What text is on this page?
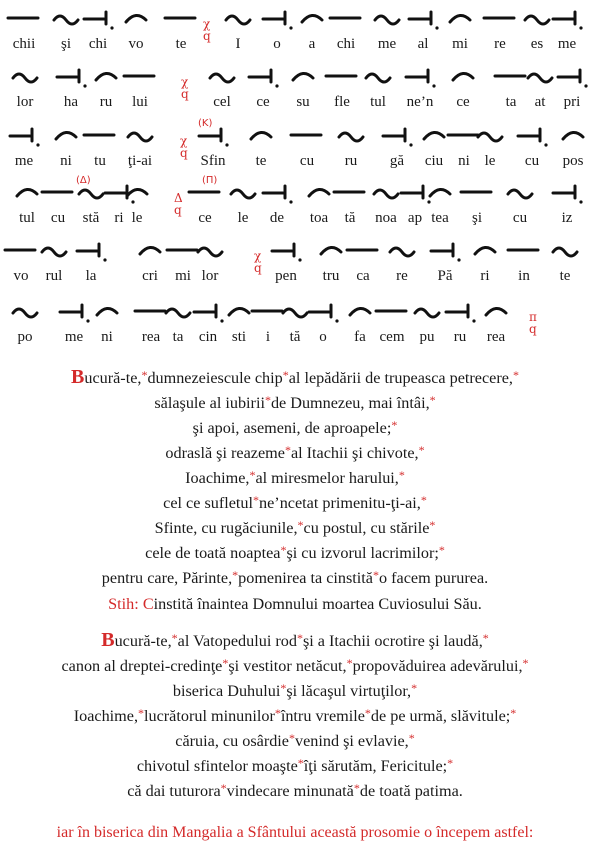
chii şi chi vo te	I o a chi me al mi re es me
χ
q
lor ha ru lui	cel ce su fle tul ne’n ce ta at pri
χ
q
me ni tu ţi-ai	Sfin te cu ru gă ciu ni le cu pos
χ
q
(K)
tul cu stă ri le	ce le de toa tă noa ap tea şi cu iz
Δ
q
(Δ)	(Π)
vo rul la	cri mi lor	pen tru ca re Pă ri in te
χ
q
po me ni rea ta cin sti i tă o fa cem pu ru rea
π
q
Bucură-te,*dumnezeiescule chip*al lepădării de trupeasca petrecere,*
sălaşule al iubirii*de Dumnezeu, mai întâi,*
şi apoi, asemeni, de aproapele;*
odraslă şi reazeme*al Itachii şi chivote,*
Ioachime,*al miresmelor harului,*
cel ce sufletul*ne’ncetat primenitu-ţi-ai,*
Sfinte, cu rugăciunile,*cu postul, cu stările*
cele de toată noaptea*şi cu izvorul lacrimilor;*
pentru care, Părinte,*pomenirea ta cinstită*o facem pururea.
Stih: Cinstită înaintea Domnului moartea Cuviosului Său.
Bucură-te,*al Vatopedului rod*şi a Itachii ocrotire şi laudă,*
canon al dreptei-credinţe*şi vestitor netăcut,*propovăduirea adevărului,*
biserica Duhului*şi lăcaşul virtuţilor,*
Ioachime,*lucrătorul minunilor*întru vremile*de pe urmă, slăvitule;*
căruia, cu osârdie*venind şi evlavie,*
chivotul sfintelor moaşte*îţi sărutăm, Fericitule;*
că dai tuturora*vindecare minunată*de toată patima.
iar în biserica din Mangalia a Sfântului această prosomie o începem astfel:
